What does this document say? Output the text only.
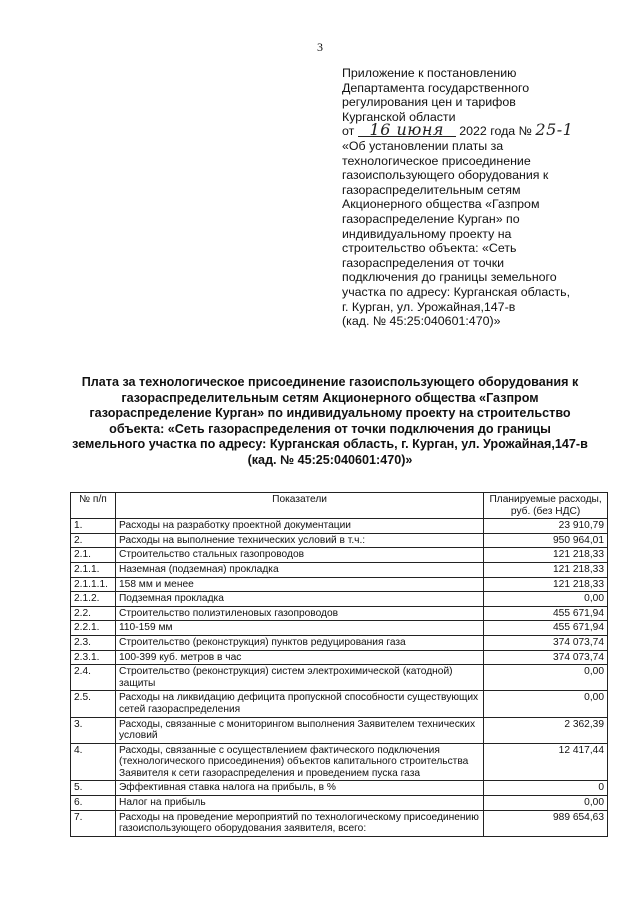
3
Приложение к постановлению
Департамента государственного
регулирования цен и тарифов
Курганской области
от 16 июня 2022 года № 25-1
«Об установлении платы за
технологическое присоединение
газоиспользующего оборудования к
газораспределительным сетям
Акционерного общества «Газпром
газораспределение Курган» по
индивидуальному проекту на
строительство объекта: «Сеть
газораспределения от точки
подключения до границы земельного
участка по адресу: Курганская область,
г. Курган, ул. Урожайная,147-в
(кад. № 45:25:040601:470)»
Плата за технологическое присоединение газоиспользующего оборудования к
газораспределительным сетям Акционерного общества «Газпром
газораспределение Курган» по индивидуальному проекту на строительство
объекта: «Сеть газораспределения от точки подключения до границы
земельного участка по адресу: Курганская область, г. Курган, ул. Урожайная,147-в
(кад. № 45:25:040601:470)»
№ п/п	Показатели	Планируемые расходы, руб. (без НДС)
1.	Расходы на разработку проектной документации	23 910,79
2.	Расходы на выполнение технических условий в т.ч.:	950 964,01
2.1.	Строительство стальных газопроводов	121 218,33
2.1.1.	Наземная (подземная) прокладка	121 218,33
2.1.1.1.	158 мм и менее	121 218,33
2.1.2.	Подземная прокладка	0,00
2.2.	Строительство полиэтиленовых газопроводов	455 671,94
2.2.1.	110-159 мм	455 671,94
2.3.	Строительство (реконструкция) пунктов редуцирования газа	374 073,74
2.3.1.	100-399 куб. метров в час	374 073,74
2.4.	Строительство (реконструкция) систем электрохимической (катодной) защиты	0,00
2.5.	Расходы на ликвидацию дефицита пропускной способности существующих сетей газораспределения	0,00
3.	Расходы, связанные с мониторингом выполнения Заявителем технических условий	2 362,39
4.	Расходы, связанные с осуществлением фактического подключения (технологического присоединения) объектов капитального строительства Заявителя к сети газораспределения и проведением пуска газа	12 417,44
5.	Эффективная ставка налога на прибыль, в %	0
6.	Налог на прибыль	0,00
7.	Расходы на проведение мероприятий по технологическому присоединению газоиспользующего оборудования заявителя, всего:	989 654,63
